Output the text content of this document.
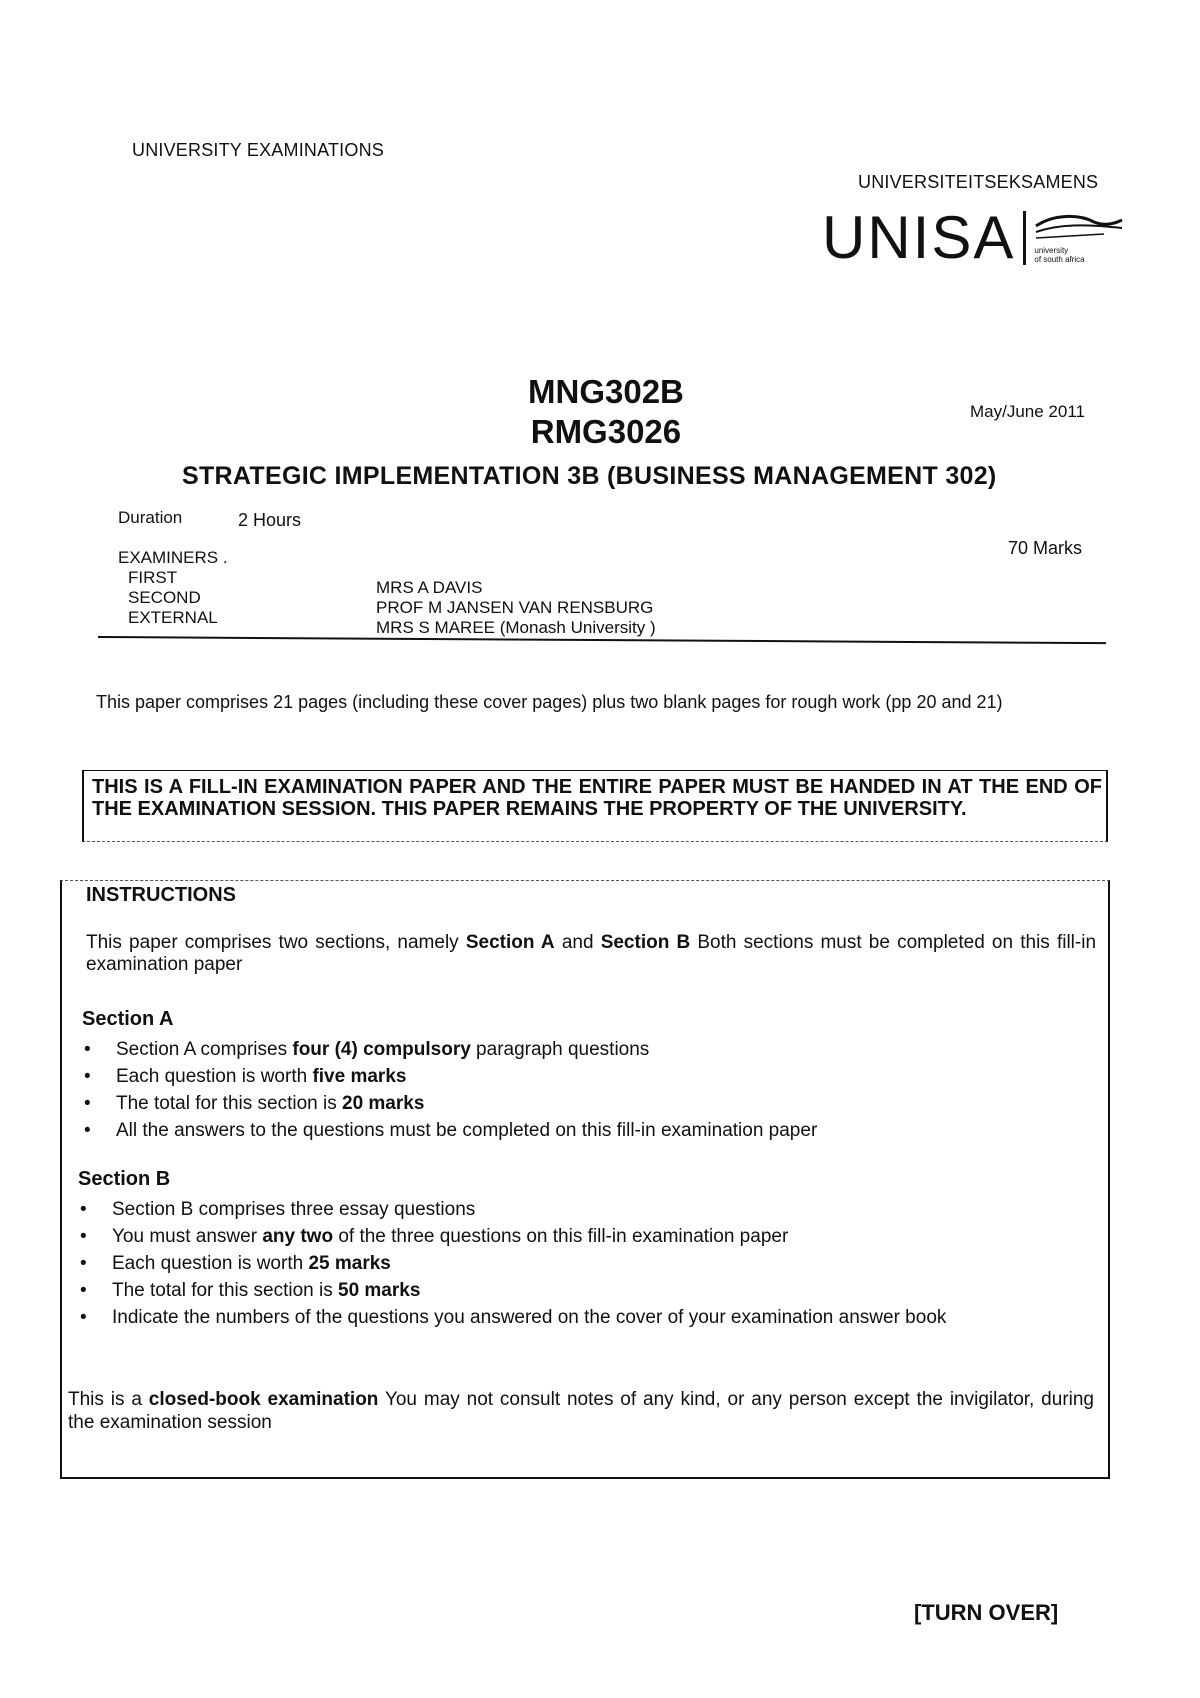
UNIVERSITY EXAMINATIONS
UNIVERSITEITSEKSAMENS
UNISA university
of south africa
MNG302B
RMG3026
May/June 2011
STRATEGIC IMPLEMENTATION 3B (BUSINESS MANAGEMENT 302)
Duration	2 Hours
70 Marks
EXAMINERS .
FIRST
SECOND
EXTERNAL
MRS A DAVIS
PROF M JANSEN VAN RENSBURG
MRS S MAREE (Monash University )
This paper comprises 21 pages (including these cover pages) plus two blank pages for rough work (pp 20 and 21)
THIS IS A FILL-IN EXAMINATION PAPER AND THE ENTIRE PAPER MUST BE HANDED IN AT THE END OF THE EXAMINATION SESSION. THIS PAPER REMAINS THE PROPERTY OF THE UNIVERSITY.
INSTRUCTIONS
This paper comprises two sections, namely Section A and Section B Both sections must be completed on this fill-in examination paper
Section A
• Section A comprises four (4) compulsory paragraph questions
• Each question is worth five marks
• The total for this section is 20 marks
• All the answers to the questions must be completed on this fill-in examination paper
Section B
• Section B comprises three essay questions
• You must answer any two of the three questions on this fill-in examination paper
• Each question is worth 25 marks
• The total for this section is 50 marks
• Indicate the numbers of the questions you answered on the cover of your examination answer book
This is a closed-book examination You may not consult notes of any kind, or any person except the invigilator, during the examination session
[TURN OVER]
